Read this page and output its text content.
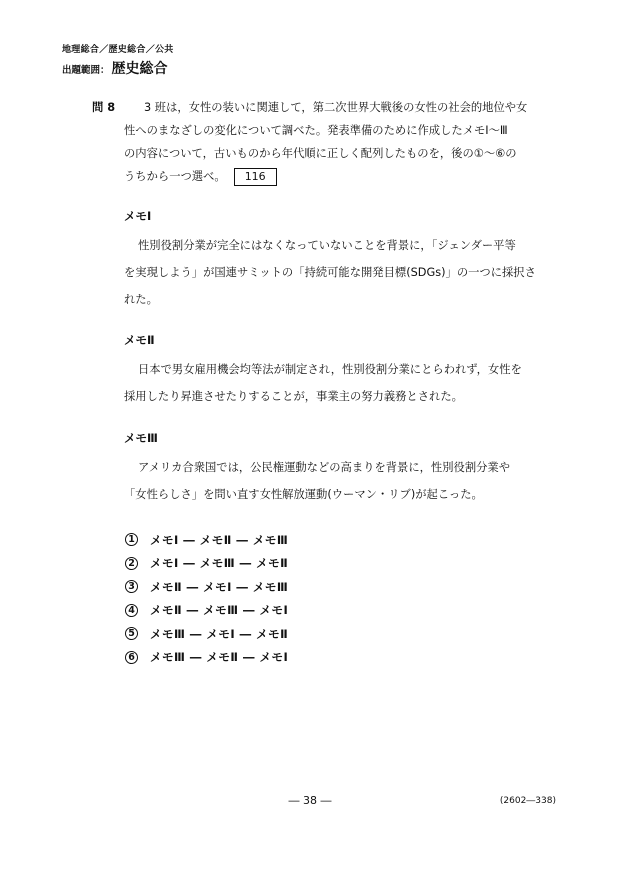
地理総合／歴史総合／公共
出題範囲： 歴史総合
問 8	3 班は，女性の装いに関連して，第二次世界大戦後の女性の社会的地位や女
性へのまなざしの変化について調べた。発表準備のために作成したメモⅠ～Ⅲ
の内容について，古いものから年代順に正しく配列したものを，後の①～⑥の
うちから一つ選べ。 116
メモⅠ
性別役割分業が完全にはなくなっていないことを背景に，「ジェンダー平等
を実現しよう」が国連サミットの「持続可能な開発目標(SDGs)」の一つに採択さ
れた。
メモⅡ
日本で男女雇用機会均等法が制定され，性別役割分業にとらわれず，女性を
採用したり昇進させたりすることが，事業主の努力義務とされた。
メモⅢ
アメリカ合衆国では，公民権運動などの高まりを背景に，性別役割分業や
「女性らしさ」を問い直す女性解放運動(ウーマン・リブ)が起こった。
1 メモⅠ ― メモⅡ ― メモⅢ
2 メモⅠ ― メモⅢ ― メモⅡ
3 メモⅡ ― メモⅠ ― メモⅢ
4 メモⅡ ― メモⅢ ― メモⅠ
5 メモⅢ ― メモⅠ ― メモⅡ
6 メモⅢ ― メモⅡ ― メモⅠ
― 38 ―	(2602―338)
